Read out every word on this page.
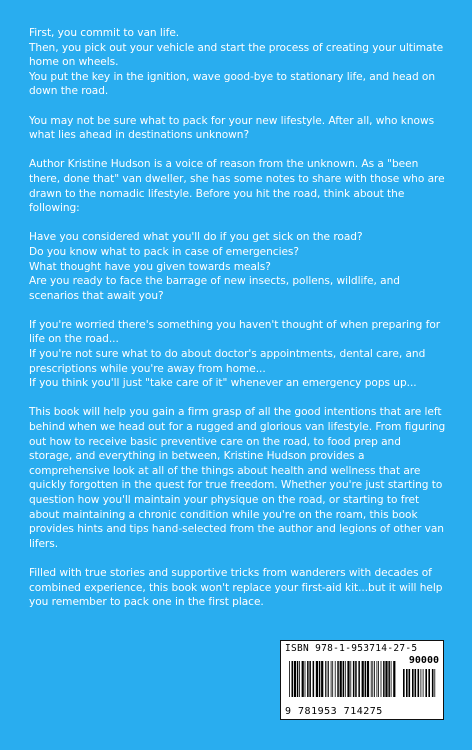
First, you commit to van life.
Then, you pick out your vehicle and start the process of creating your ultimate home on wheels.
You put the key in the ignition, wave good-bye to stationary life, and head on down the road.

You may not be sure what to pack for your new lifestyle. After all, who knows what lies ahead in destinations unknown?

Author Kristine Hudson is a voice of reason from the unknown. As a "been there, done that" van dweller, she has some notes to share with those who are drawn to the nomadic lifestyle. Before you hit the road, think about the following:

Have you considered what you'll do if you get sick on the road?
Do you know what to pack in case of emergencies?
What thought have you given towards meals?
Are you ready to face the barrage of new insects, pollens, wildlife, and scenarios that await you?

If you're worried there's something you haven't thought of when preparing for life on the road...
If you're not sure what to do about doctor's appointments, dental care, and prescriptions while you're away from home...
If you think you'll just "take care of it" whenever an emergency pops up...

This book will help you gain a firm grasp of all the good intentions that are left behind when we head out for a rugged and glorious van lifestyle. From figuring out how to receive basic preventive care on the road, to food prep and storage, and everything in between, Kristine Hudson provides a comprehensive look at all of the things about health and wellness that are quickly forgotten in the quest for true freedom. Whether you're just starting to question how you'll maintain your physique on the road, or starting to fret about maintaining a chronic condition while you're on the roam, this book provides hints and tips hand-selected from the author and legions of other van lifers.

Filled with true stories and supportive tricks from wanderers with decades of combined experience, this book won't replace your first-aid kit...but it will help you remember to pack one in the first place.

ISBN 978-1-953714-27-5
90000
9 781953 714275
